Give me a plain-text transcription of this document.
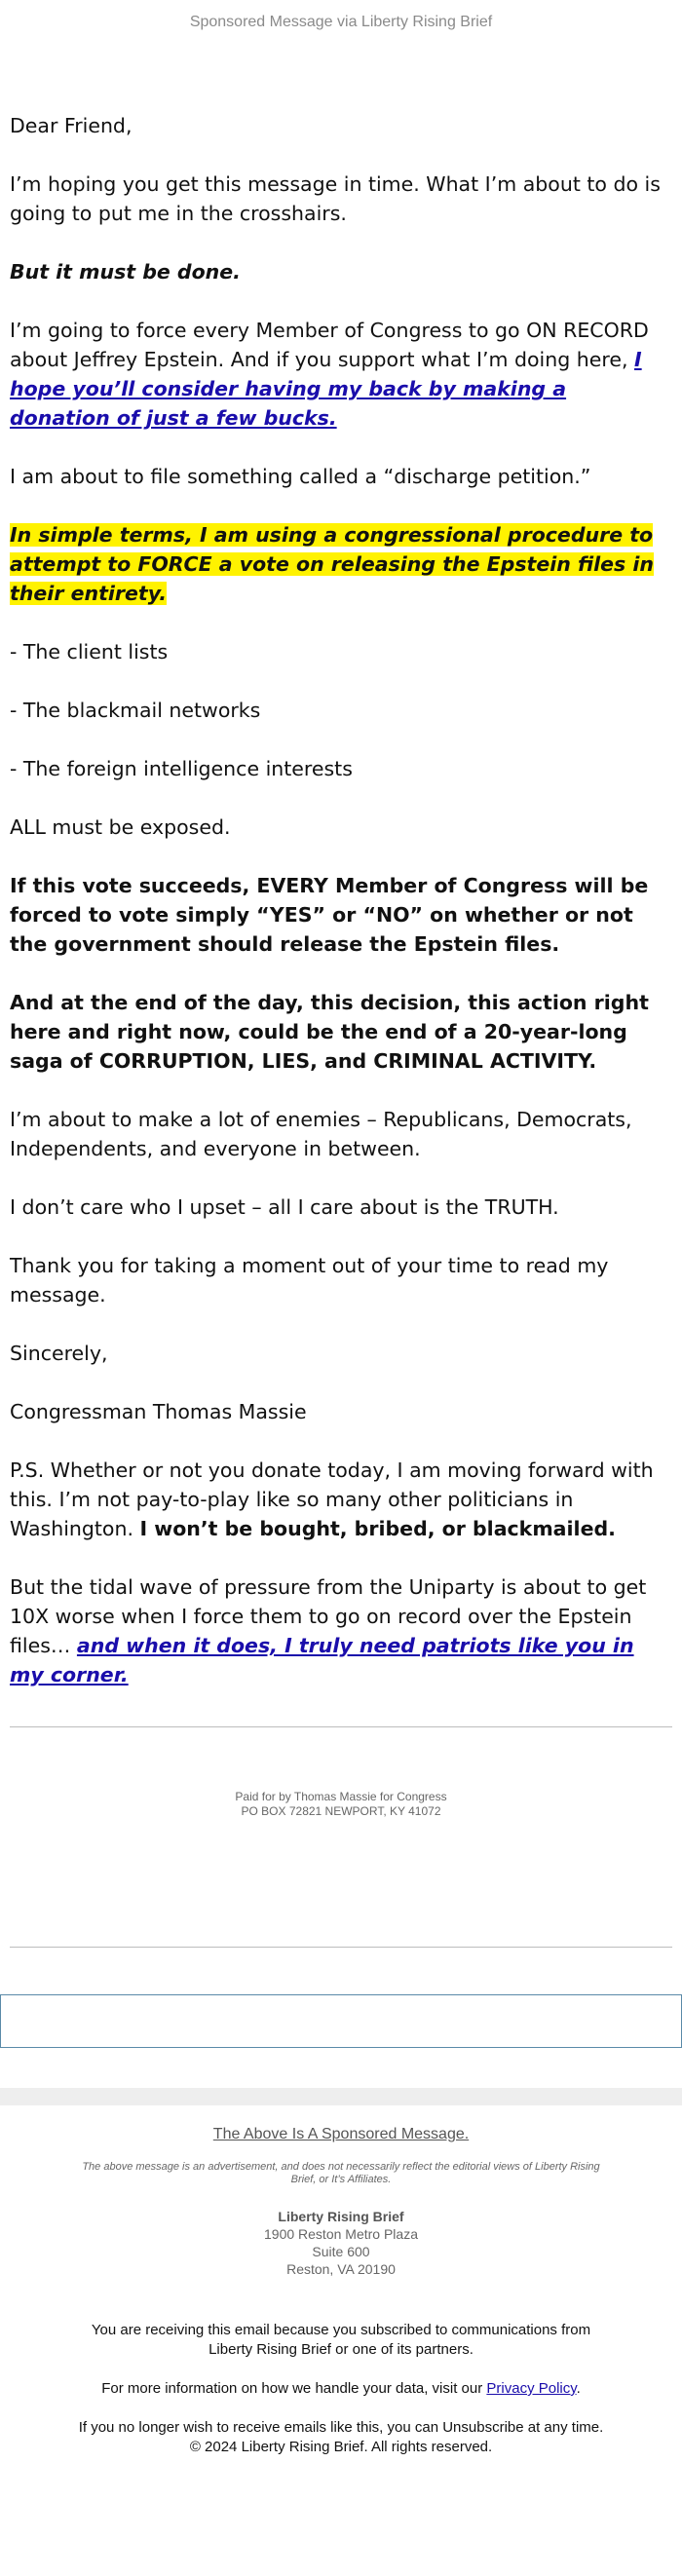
Sponsored Message via Liberty Rising Brief

Dear Friend,

I’m hoping you get this message in time. What I’m about to do is going to put me in the crosshairs.

But it must be done.

I’m going to force every Member of Congress to go ON RECORD about Jeffrey Epstein. And if you support what I’m doing here, I hope you’ll consider having my back by making a donation of just a few bucks.

I am about to file something called a “discharge petition.”

In simple terms, I am using a congressional procedure to attempt to FORCE a vote on releasing the Epstein files in their entirety.

- The client lists

- The blackmail networks

- The foreign intelligence interests

ALL must be exposed.

If this vote succeeds, EVERY Member of Congress will be forced to vote simply “YES” or “NO” on whether or not the government should release the Epstein files.

And at the end of the day, this decision, this action right here and right now, could be the end of a 20-year-long saga of CORRUPTION, LIES, and CRIMINAL ACTIVITY.

I’m about to make a lot of enemies – Republicans, Democrats, Independents, and everyone in between.

I don’t care who I upset – all I care about is the TRUTH.

Thank you for taking a moment out of your time to read my message.

Sincerely,

Congressman Thomas Massie

P.S. Whether or not you donate today, I am moving forward with this. I’m not pay-to-play like so many other politicians in Washington. I won’t be bought, bribed, or blackmailed.

But the tidal wave of pressure from the Uniparty is about to get 10X worse when I force them to go on record over the Epstein files… and when it does, I truly need patriots like you in my corner.

Paid for by Thomas Massie for Congress
PO BOX 72821 NEWPORT, KY 41072

The Above Is A Sponsored Message.

The above message is an advertisement, and does not necessarily reflect the editorial views of Liberty Rising Brief, or It’s Affiliates.

Liberty Rising Brief
1900 Reston Metro Plaza
Suite 600
Reston, VA 20190

You are receiving this email because you subscribed to communications from Liberty Rising Brief or one of its partners.

For more information on how we handle your data, visit our Privacy Policy.

If you no longer wish to receive emails like this, you can Unsubscribe at any time.

© 2024 Liberty Rising Brief. All rights reserved.
